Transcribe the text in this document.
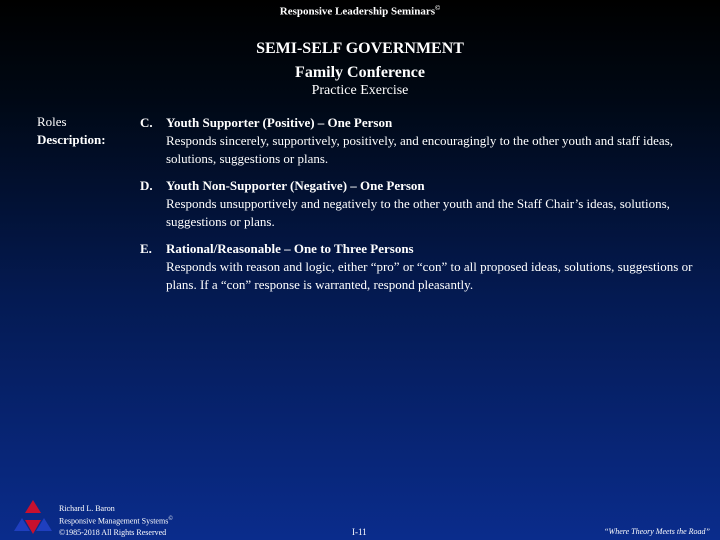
Responsive Leadership Seminars©
SEMI-SELF GOVERNMENT
Family Conference
Practice Exercise
Roles
Description:
C. Youth Supporter (Positive) – One Person
Responds sincerely, supportively, positively, and encouragingly to the other youth and staff ideas, solutions, suggestions or plans.
D. Youth Non-Supporter (Negative) – One Person
Responds unsupportively and negatively to the other youth and the Staff Chair’s ideas, solutions, suggestions or plans.
E. Rational/Reasonable – One to Three Persons
Responds with reason and logic, either “pro” or “con” to all proposed ideas, solutions, suggestions or plans. If a “con” response is warranted, respond pleasantly.
Richard L. Baron
Responsive Management Systems©
©1985-2018 All Rights Reserved	I-11	“Where Theory Meets the Road”
